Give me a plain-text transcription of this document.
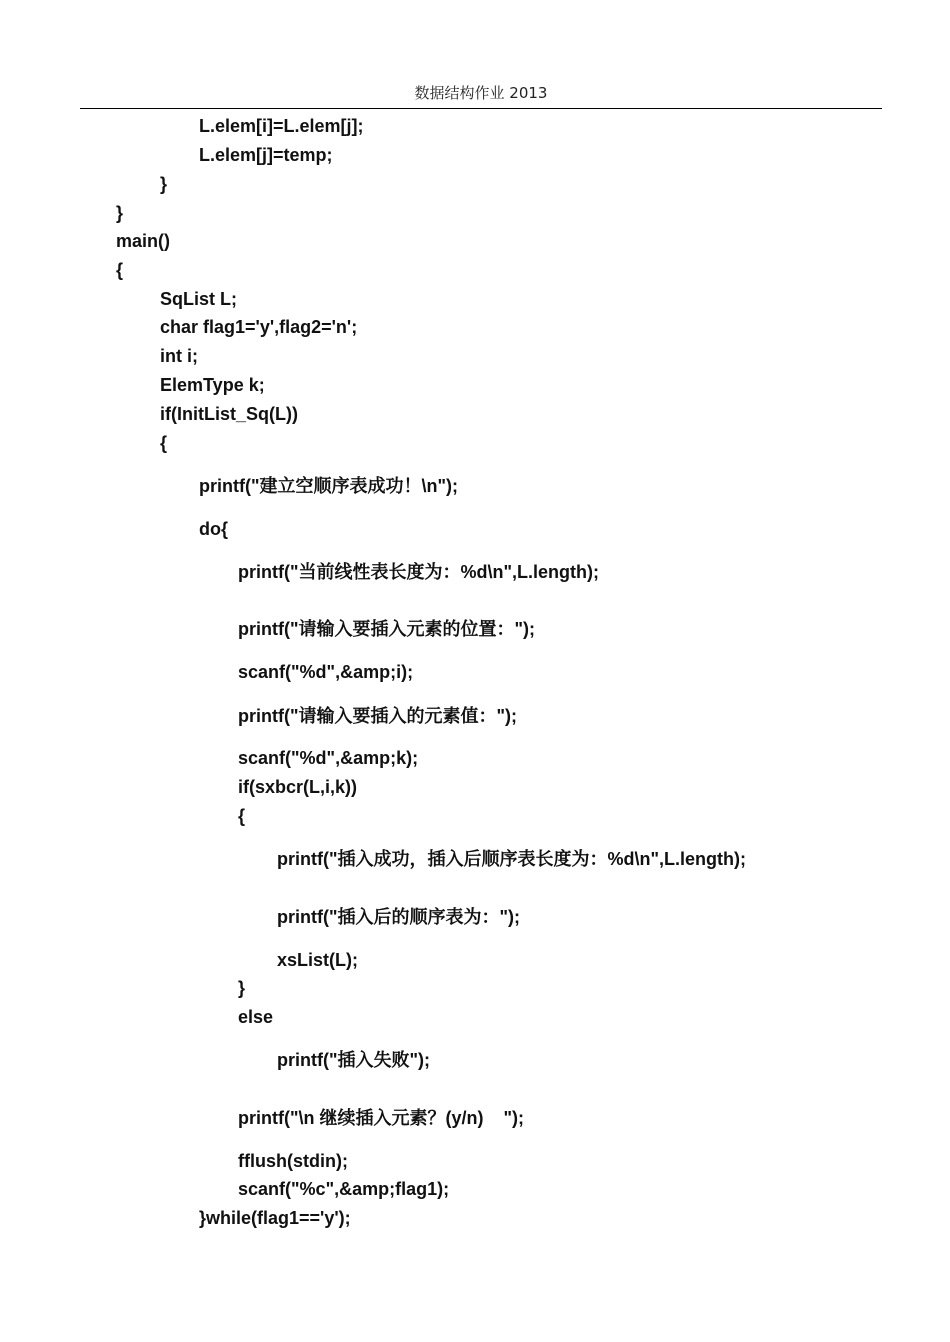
数据结构作业 2013
L.elem[i]=L.elem[j];
L.elem[j]=temp;
}
}
main()
{
SqList L;
char flag1='y',flag2='n';
int i;
ElemType k;
if(InitList_Sq(L))
{
printf("建立空顺序表成功！\n");
do{
printf("当前线性表长度为：%d\n",L.length);
printf("请输入要插入元素的位置：");
scanf("%d",&amp;i);
printf("请输入要插入的元素值：");
scanf("%d",&amp;k);
if(sxbcr(L,i,k))
{
printf("插入成功，插入后顺序表长度为：%d\n",L.length);
printf("插入后的顺序表为：");
xsList(L);
}
else
printf("插入失败");
printf("\n 继续插入元素？(y/n)    ");
fflush(stdin);
scanf("%c",&amp;flag1);
}while(flag1=='y');
